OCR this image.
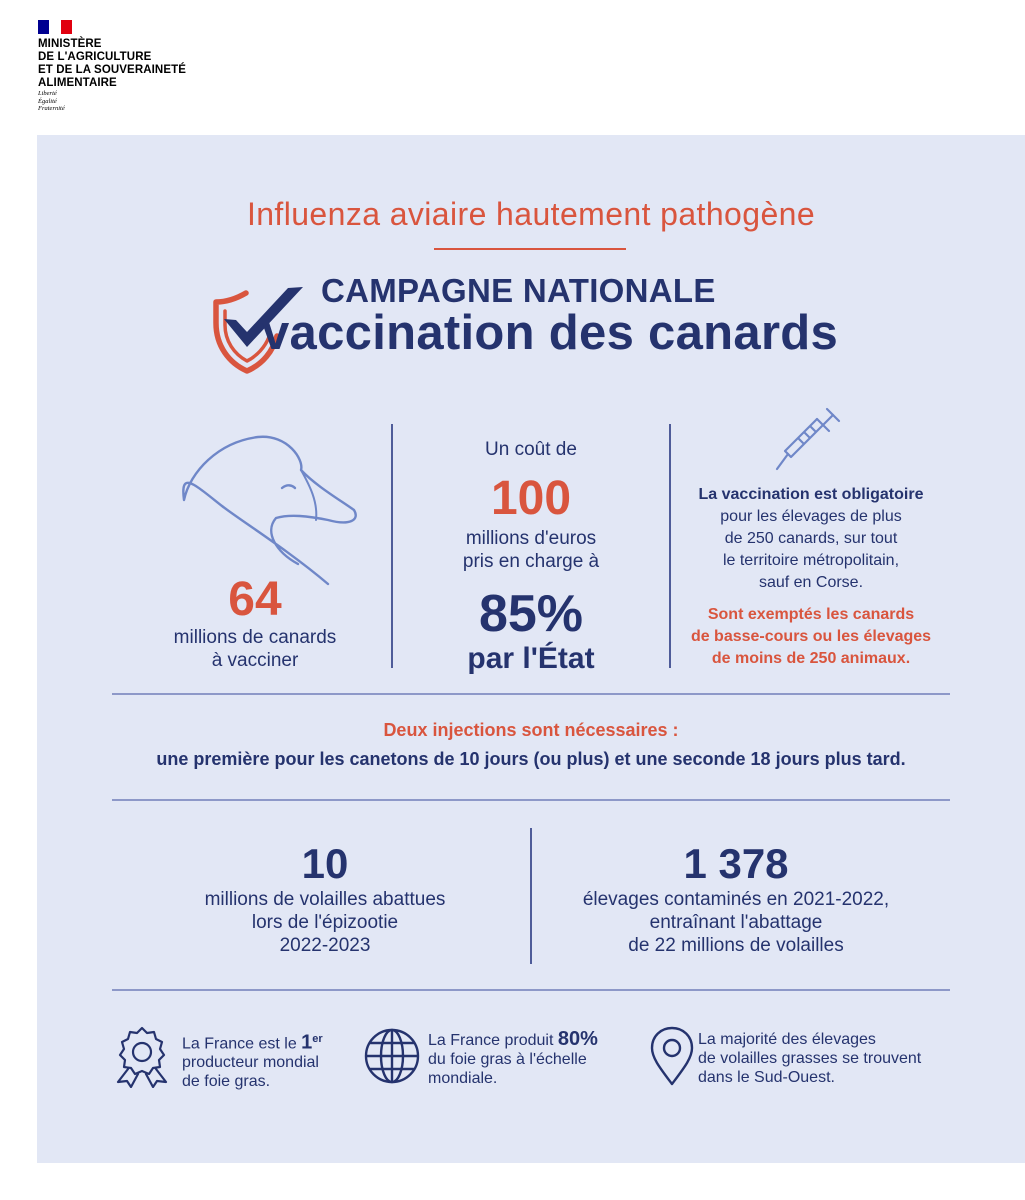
MINISTÈRE
DE L'AGRICULTURE
ET DE LA SOUVERAINETÉ
ALIMENTAIRE
Liberté
Égalité
Fraternité
Influenza aviaire hautement pathogène
CAMPAGNE NATIONALE
vaccination des canards
64
millions de canards
à vacciner
Un coût de
100
millions d'euros
pris en charge à
85%
par l'État
La vaccination est obligatoire
pour les élevages de plus
de 250 canards, sur tout
le territoire métropolitain,
sauf en Corse.
Sont exemptés les canards
de basse-cours ou les élevages
de moins de 250 animaux.
Deux injections sont nécessaires :
une première pour les canetons de 10 jours (ou plus) et une seconde 18 jours plus tard.
10
millions de volailles abattues
lors de l'épizootie
2022-2023
1 378
élevages contaminés en 2021-2022,
entraînant l'abattage
de 22 millions de volailles
La France est le 1er
producteur mondial
de foie gras.
La France produit 80%
du foie gras à l'échelle
mondiale.
La majorité des élevages
de volailles grasses se trouvent
dans le Sud-Ouest.
